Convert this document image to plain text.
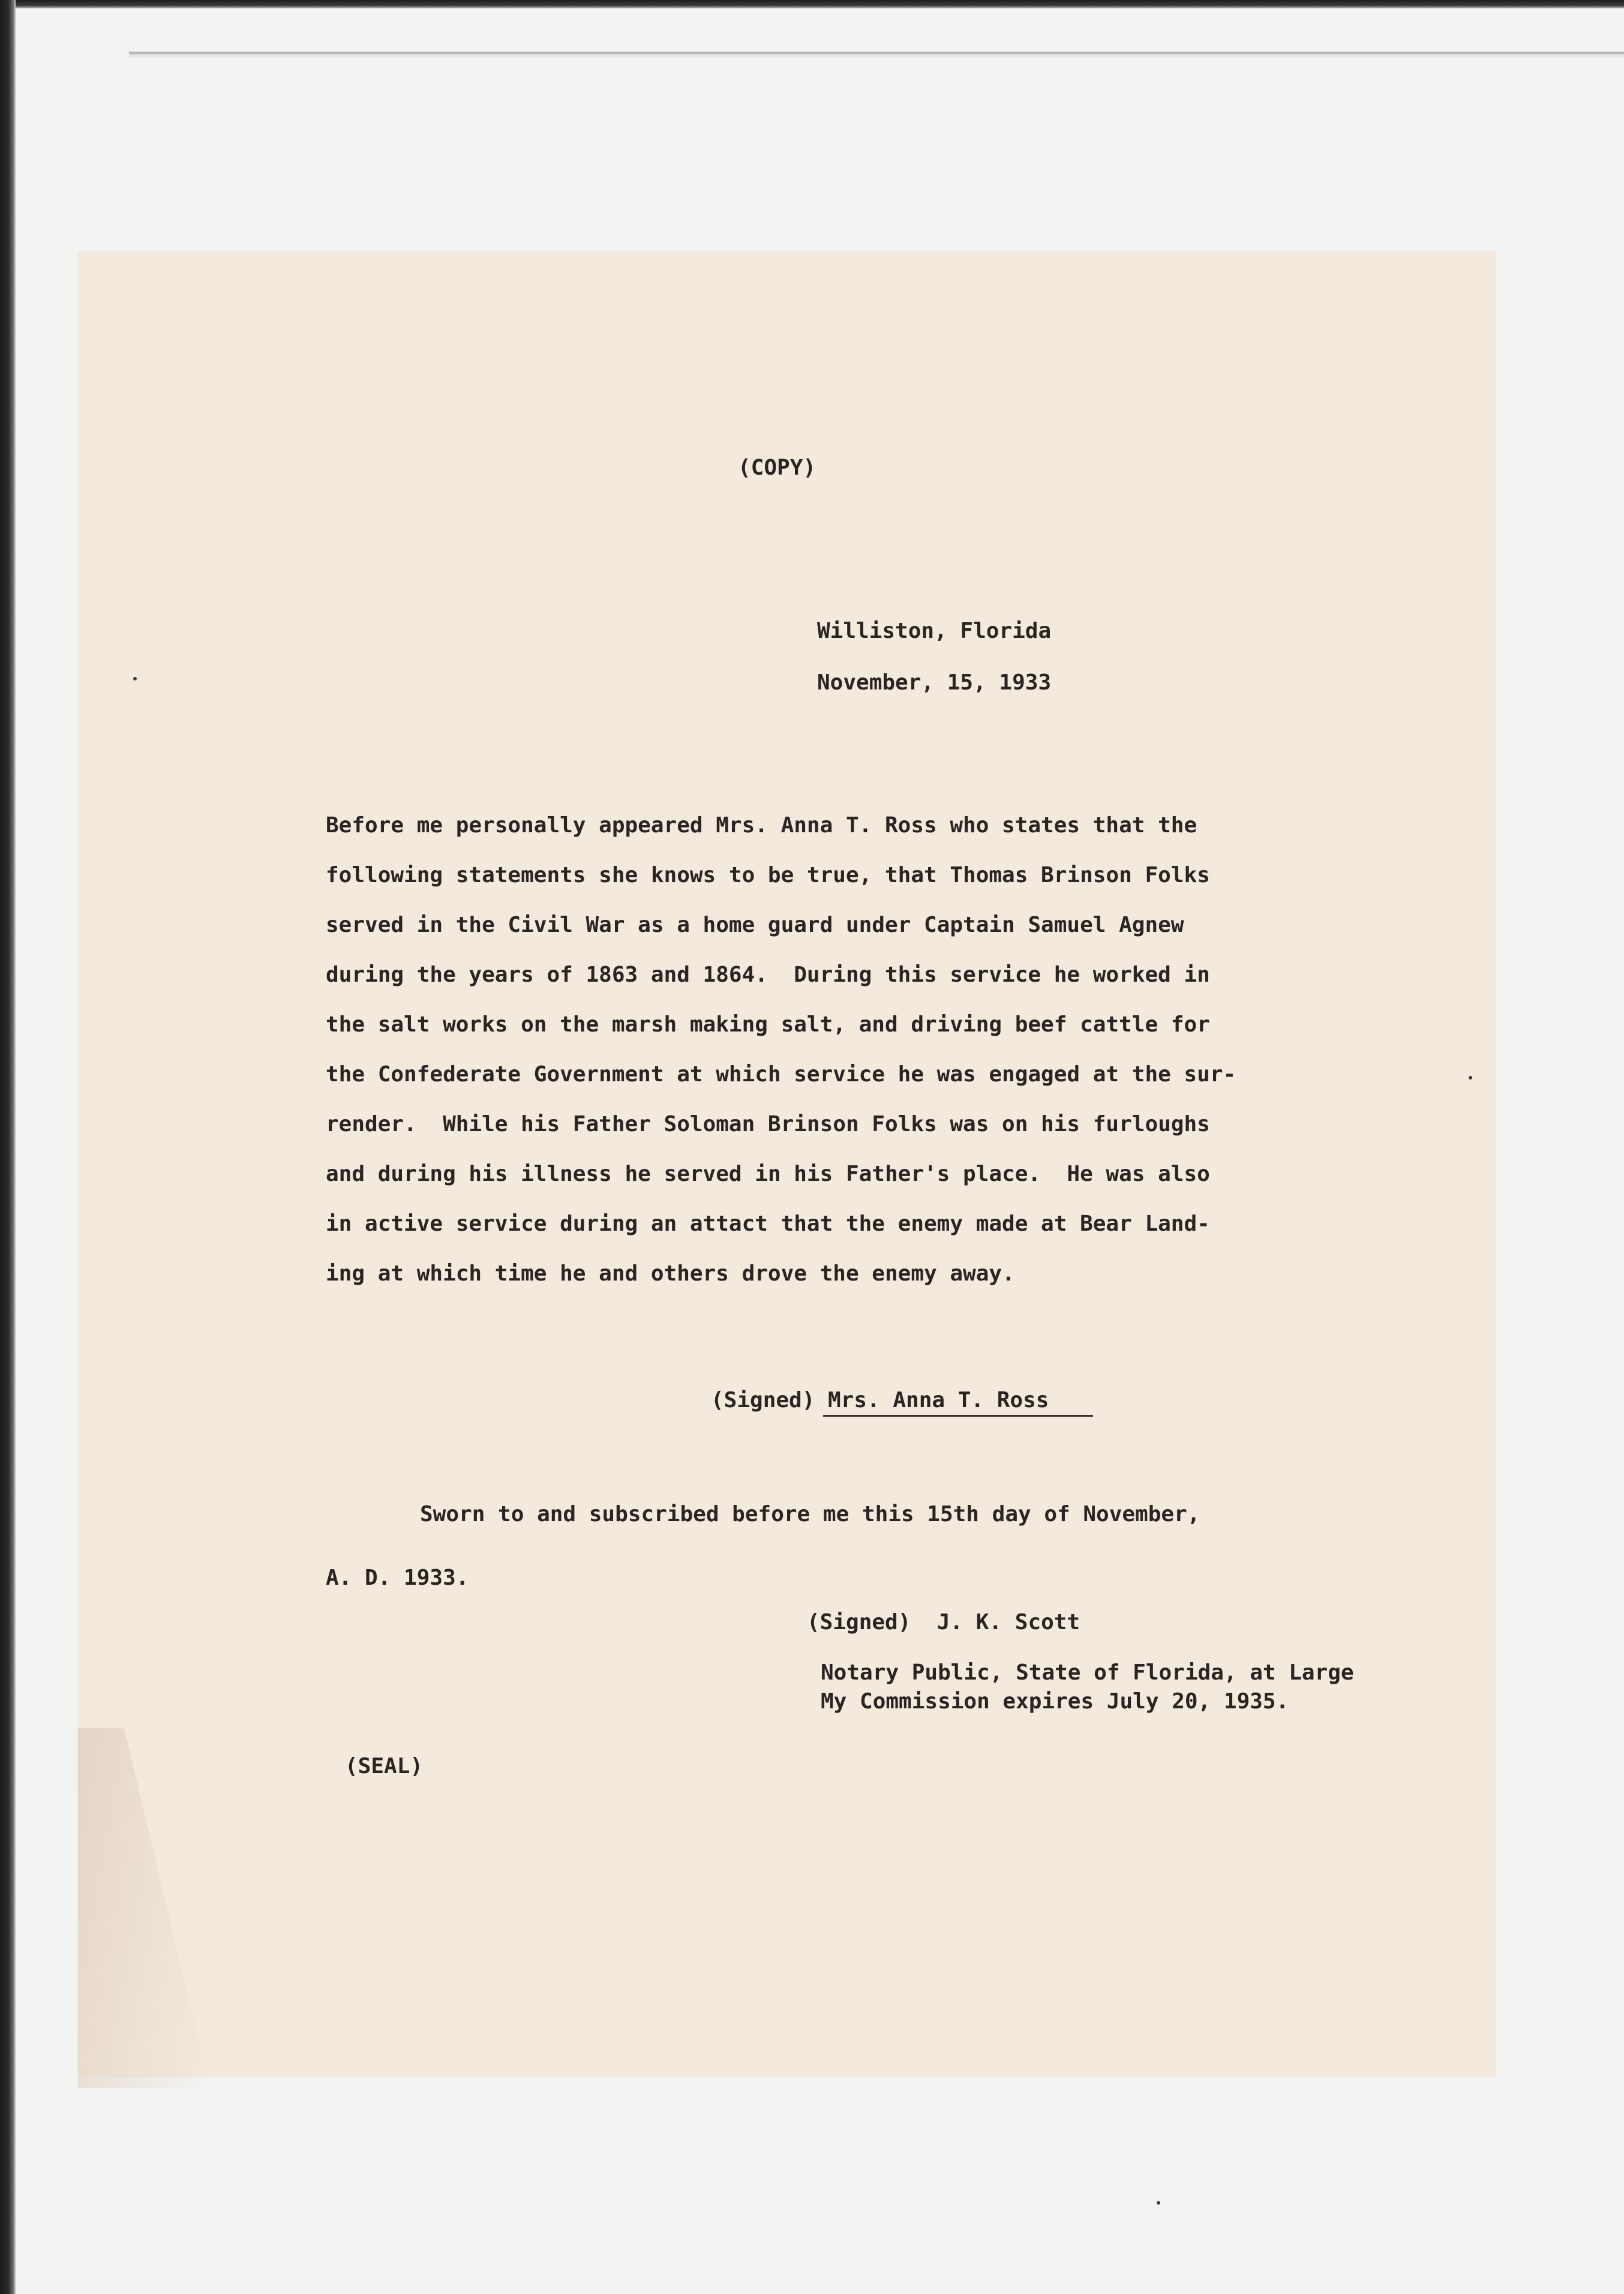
(COPY)
Williston, Florida
November, 15, 1933
Before me personally appeared Mrs. Anna T. Ross who states that the
following statements she knows to be true, that Thomas Brinson Folks
served in the Civil War as a home guard under Captain Samuel Agnew
during the years of 1863 and 1864.  During this service he worked in
the salt works on the marsh making salt, and driving beef cattle for
the Confederate Government at which service he was engaged at the sur-
render.  While his Father Soloman Brinson Folks was on his furloughs
and during his illness he served in his Father's place.  He was also
in active service during an attact that the enemy made at Bear Land-
ing at which time he and others drove the enemy away.
(Signed) Mrs. Anna T. Ross
Sworn to and subscribed before me this 15th day of November,
A. D. 1933.
(Signed)  J. K. Scott
Notary Public, State of Florida, at Large
My Commission expires July 20, 1935.
(SEAL)
